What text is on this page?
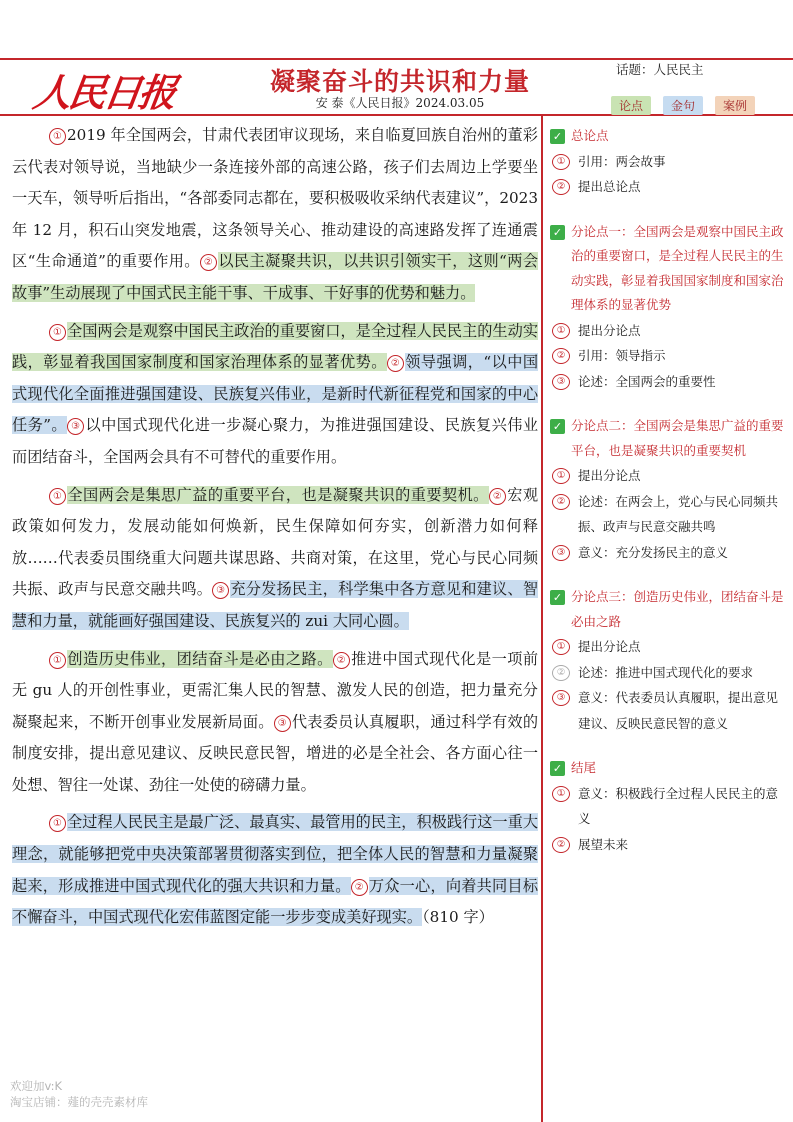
人民日报	凝聚奋斗的共识和力量
安 泰《人民日报》2024.03.05
话题：人民民主
论点	金句	案例

① 2019 年全国两会，甘肃代表团审议现场，来自临夏回族自治州的董彩云代表对领导说，当地缺少一条连接外部的高速公路，孩子们去周边上学要坐一天车，领导听后指出，“各部委同志都在，要积极吸收采纳代表建议”，2023 年 12 月，积石山突发地震，这条领导关心、推动建设的高速路发挥了连通震区“生命通道”的重要作用。 ② 以民主凝聚共识，以共识引领实干，这则“两会故事”生动展现了中国式民主能干事、干成事、干好事的优势和魅力。

① 全国两会是观察中国民主政治的重要窗口，是全过程人民民主的生动实践，彰显着我国国家制度和国家治理体系的显著优势。 ② 领导强调，“以中国式现代化全面推进强国建设、民族复兴伟业，是新时代新征程党和国家的中心任务”。 ③ 以中国式现代化进一步凝心聚力，为推进强国建设、民族复兴伟业而团结奋斗，全国两会具有不可替代的重要作用。

① 全国两会是集思广益的重要平台，也是凝聚共识的重要契机。 ② 宏观政策如何发力，发展动能如何焕新，民生保障如何夯实，创新潜力如何释放……代表委员围绕重大问题共谋思路、共商对策，在这里，党心与民心同频共振、政声与民意交融共鸣。 ③ 充分发扬民主，科学集中各方意见和建议、智慧和力量，就能画好强国建设、民族复兴的 zui 大同心圆。

① 创造历史伟业，团结奋斗是必由之路。 ② 推进中国式现代化是一项前无 gu 人的开创性事业，更需汇集人民的智慧、激发人民的创造，把力量充分凝聚起来，不断开创事业发展新局面。 ③ 代表委员认真履职，通过科学有效的制度安排，提出意见建议、反映民意民智，增进的必是全社会、各方面心往一处想、智往一处谋、劲往一处使的磅礴力量。

① 全过程人民民主是最广泛、最真实、最管用的民主，积极践行这一重大理念，就能够把党中央决策部署贯彻落实到位，把全体人民的智慧和力量凝聚起来，形成推进中国式现代化的强大共识和力量。 ② 万众一心，向着共同目标不懈奋斗，中国式现代化宏伟蓝图定能一步步变成美好现实。（810 字）

✓ 总论点
①	引用：两会故事
②	提出总论点
✓ 分论点一：全国两会是观察中国民主政治的重要窗口，是全过程人民民主的生动实践，彰显着我国国家制度和国家治理体系的显著优势
①	提出分论点
②	引用：领导指示
③	论述：全国两会的重要性
✓ 分论点二：全国两会是集思广益的重要平台，也是凝聚共识的重要契机
①	提出分论点
②	论述：在两会上，党心与民心同频共振、政声与民意交融共鸣
③	意义：充分发扬民主的意义
✓ 分论点三：创造历史伟业，团结奋斗是必由之路
①	提出分论点
②	论述：推进中国式现代化的要求
③	意义：代表委员认真履职，提出意见建议、反映民意民智的意义
✓ 结尾
①	意义：积极践行全过程人民民主的意义
②	展望未来
欢迎加v:K
淘宝店铺：薤的壳壳素材库
